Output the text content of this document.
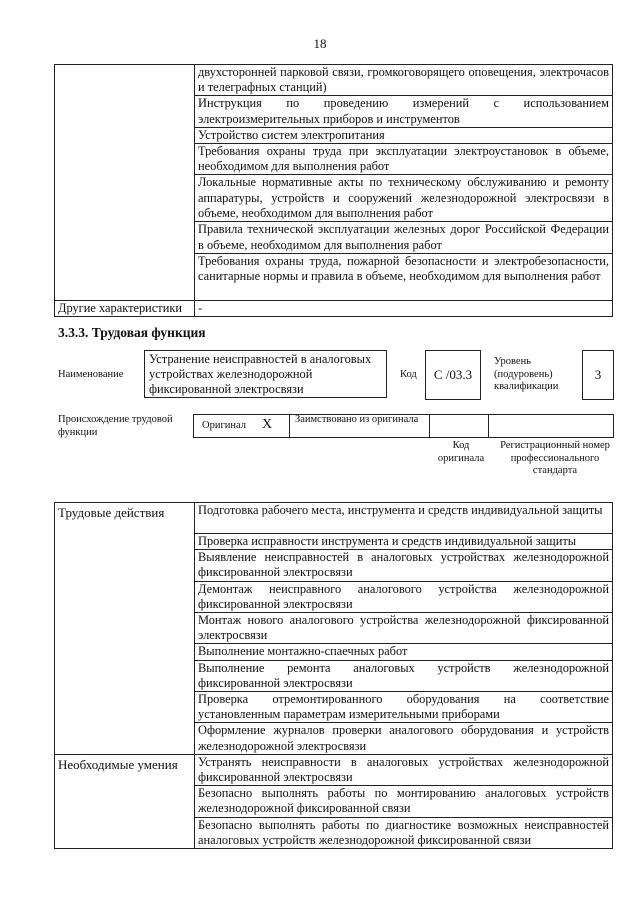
18
	двухсторонней парковой связи, громкоговорящего оповещения, электрочасов и телеграфных станций)
	Инструкция по проведению измерений с использованием электроизмерительных приборов и инструментов
	Устройство систем электропитания
	Требования охраны труда при эксплуатации электроустановок в объеме, необходимом для выполнения работ
	Локальные нормативные акты по техническому обслуживанию и ремонту аппаратуры, устройств и сооружений железнодорожной электросвязи в объеме, необходимом для выполнения работ
	Правила технической эксплуатации железных дорог Российской Федерации в объеме, необходимом для выполнения работ
	Требования охраны труда, пожарной безопасности и электробезопасности, санитарные нормы и правила в объеме, необходимом для выполнения работ
Другие характеристики	-
3.3.3. Трудовая функция
Наименование
Устранение неисправностей в аналоговых устройствах железнодорожной фиксированной электросвязи
Код	С /03.3
Уровень (подуровень) квалификации
3
Происхождение трудовой функции
Оригинал X Заимствовано из оригинала
Код оригинала
Регистрационный номер профессионального стандарта
Трудовые действия	Подготовка рабочего места, инструмента и средств индивидуальной защиты
	Проверка исправности инструмента и средств индивидуальной защиты
	Выявление неисправностей в аналоговых устройствах железнодорожной фиксированной электросвязи
	Демонтаж неисправного аналогового устройства железнодорожной фиксированной электросвязи
	Монтаж нового аналогового устройства железнодорожной фиксированной электросвязи
	Выполнение монтажно-спаечных работ
	Выполнение ремонта аналоговых устройств железнодорожной фиксированной электросвязи
	Проверка отремонтированного оборудования на соответствие установленным параметрам измерительными приборами
	Оформление журналов проверки аналогового оборудования и устройств железнодорожной электросвязи
Необходимые умения	Устранять неисправности в аналоговых устройствах железнодорожной фиксированной электросвязи
	Безопасно выполнять работы по монтированию аналоговых устройств железнодорожной фиксированной связи
	Безопасно выполнять работы по диагностике возможных неисправностей аналоговых устройств железнодорожной фиксированной связи
